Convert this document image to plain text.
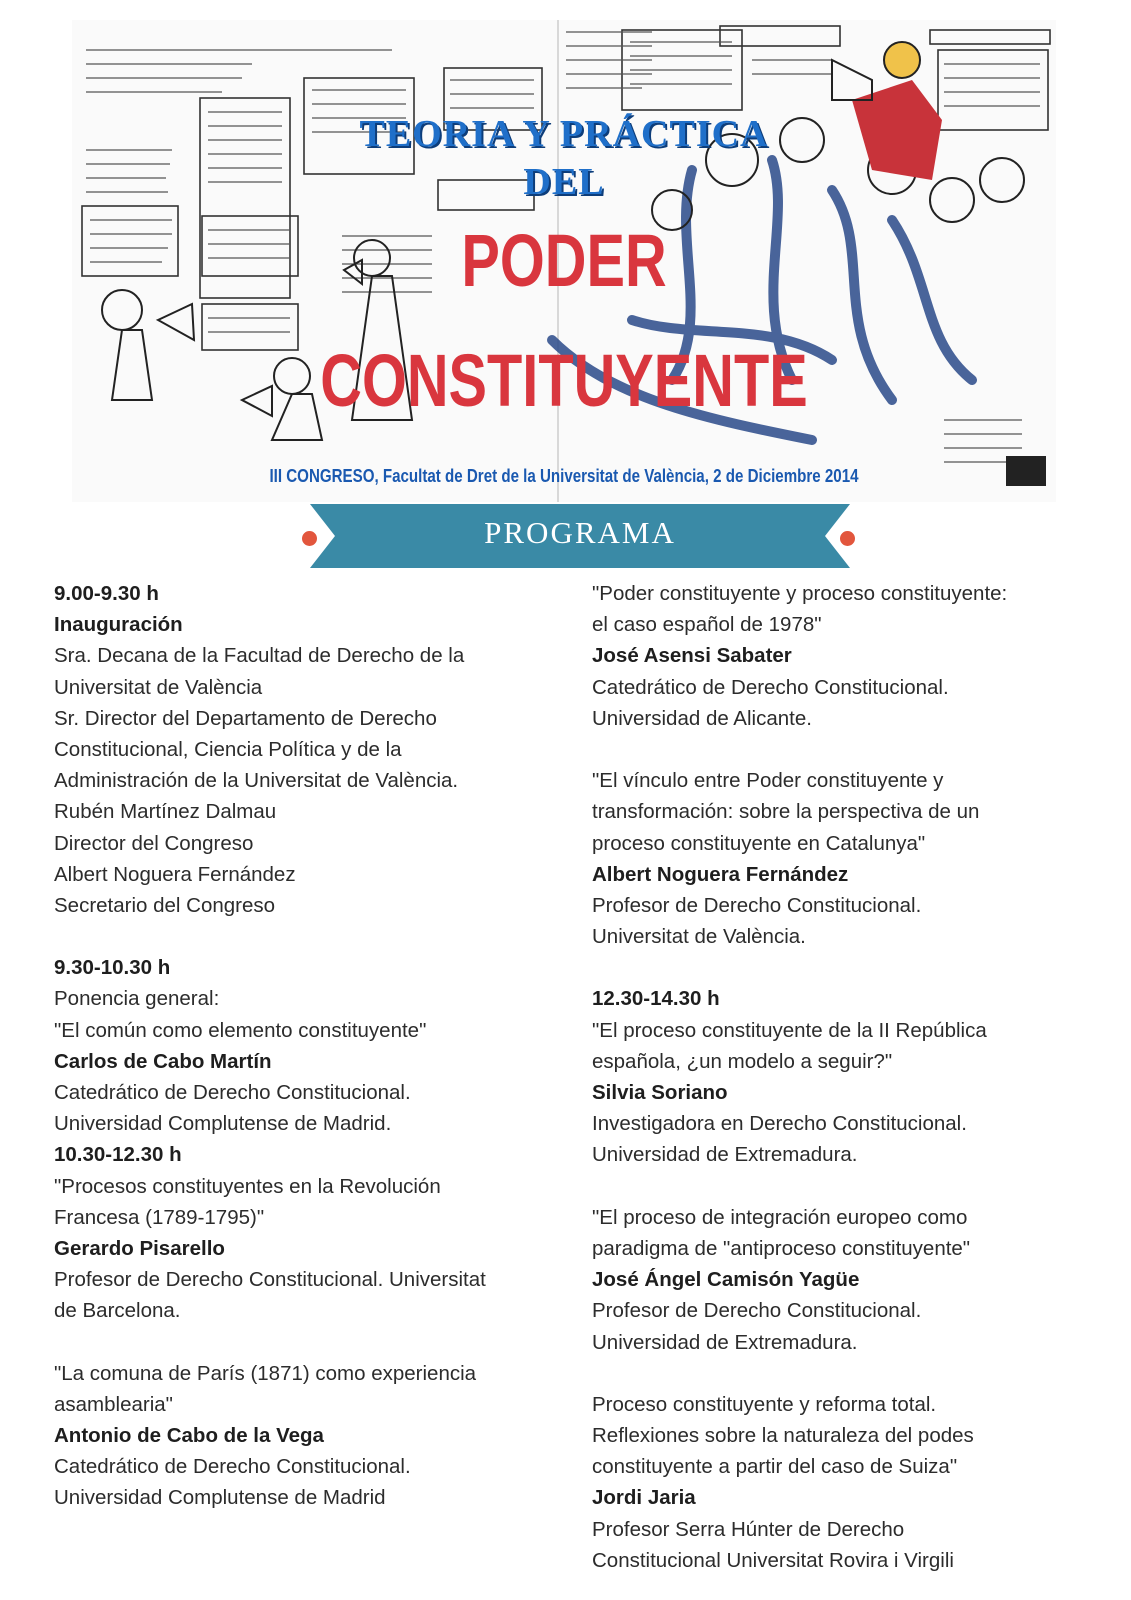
TEORIA Y PRÁCTICA
DEL
PODER
CONSTITUYENTE
III CONGRESO, Facultat de Dret de la Universitat de València, 2 de Diciembre 2014
PROGRAMA
9.00-9.30 h
Inauguración
Sra. Decana de la Facultad de Derecho de la
Universitat de València
Sr. Director del Departamento de Derecho
Constitucional, Ciencia Política y de la
Administración de la Universitat de València.
Rubén Martínez Dalmau
Director del Congreso
Albert Noguera Fernández
Secretario del Congreso
9.30-10.30 h
Ponencia general:
"El común como elemento constituyente"
Carlos de Cabo Martín
Catedrático de Derecho Constitucional.
Universidad Complutense de Madrid.
10.30-12.30 h
"Procesos constituyentes en la Revolución
Francesa (1789-1795)"
Gerardo Pisarello
Profesor de Derecho Constitucional. Universitat
de Barcelona.
"La comuna de París (1871) como experiencia
asamblearia"
Antonio de Cabo de la Vega
Catedrático de Derecho Constitucional.
Universidad Complutense de Madrid
"Poder constituyente y proceso constituyente:
el caso español de 1978"
José Asensi Sabater
Catedrático de Derecho Constitucional.
Universidad de Alicante.
"El vínculo entre Poder constituyente y
transformación: sobre la perspectiva de un
proceso constituyente en Catalunya"
Albert Noguera Fernández
Profesor de Derecho Constitucional.
Universitat de València.
12.30-14.30 h
"El proceso constituyente de la II República
española, ¿un modelo a seguir?"
Silvia Soriano
Investigadora en Derecho Constitucional.
Universidad de Extremadura.
"El proceso de integración europeo como
paradigma de "antiproceso constituyente"
José Ángel Camisón Yagüe
Profesor de Derecho Constitucional.
Universidad de Extremadura.
Proceso constituyente y reforma total.
Reflexiones sobre la naturaleza del podes
constituyente a partir del caso de Suiza"
Jordi Jaria
Profesor Serra Húnter de Derecho
Constitucional Universitat Rovira i Virgili
